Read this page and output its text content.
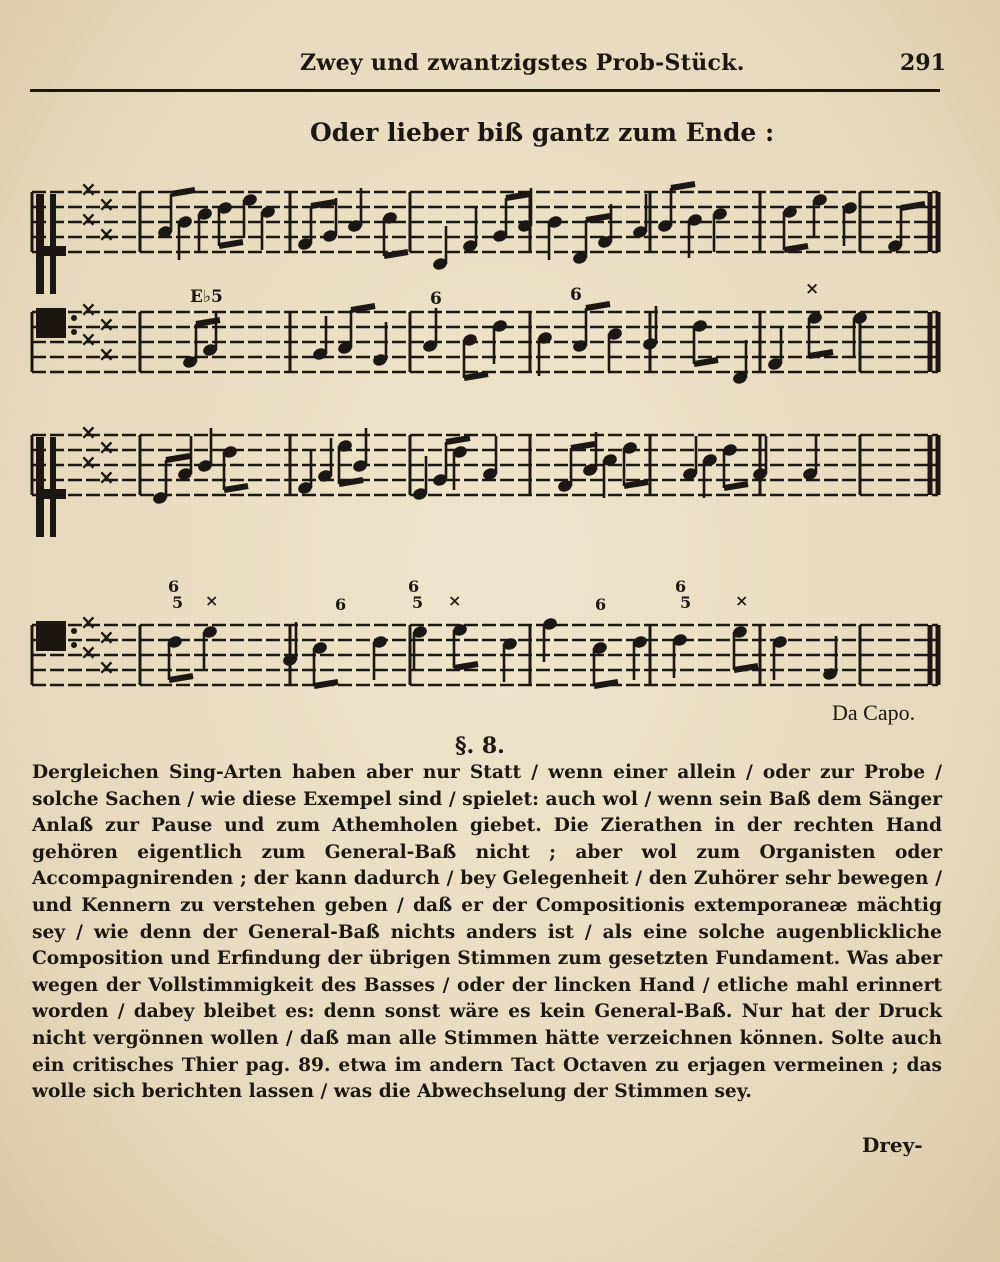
Zwey und zwantzigstes Prob-Stück.	291
Oder lieber biß gantz zum Ende :
×
×
×
×
×
×
×
×
×
×
×
×
×
×
×
×
E♭5	6	6	×
6
5 ×	6
6
5 ×	6
6
5	×
§. 8.
Da Capo.

Dergleichen Sing-Arten haben aber nur Statt / wenn einer allein / oder zur Probe / solche Sachen / wie diese Exempel sind / spielet: auch wol / wenn sein Baß dem Sänger Anlaß zur Pause und zum Athemholen giebet. Die Zierathen in der rechten Hand gehören eigentlich zum General-Baß nicht ; aber wol zum Organisten oder Accompagnirenden ; der kann dadurch / bey Gelegenheit / den Zuhörer sehr bewegen / und Kennern zu verstehen geben / daß er der Compositionis extemporaneæ mächtig sey / wie denn der General-Baß nichts anders ist / als eine solche augenblickliche Composition und Erfindung der übrigen Stimmen zum gesetzten Fundament. Was aber wegen der Vollstimmigkeit des Basses / oder der lincken Hand / etliche mahl erinnert worden / dabey bleibet es: denn sonst wäre es kein General-Baß. Nur hat der Druck nicht vergönnen wollen / daß man alle Stimmen hätte verzeichnen können. Solte auch ein critisches Thier pag. 89. etwa im andern Tact Octaven zu erjagen vermeinen ; das wolle sich berichten lassen / was die Abwechselung der Stimmen sey.

Drey-
